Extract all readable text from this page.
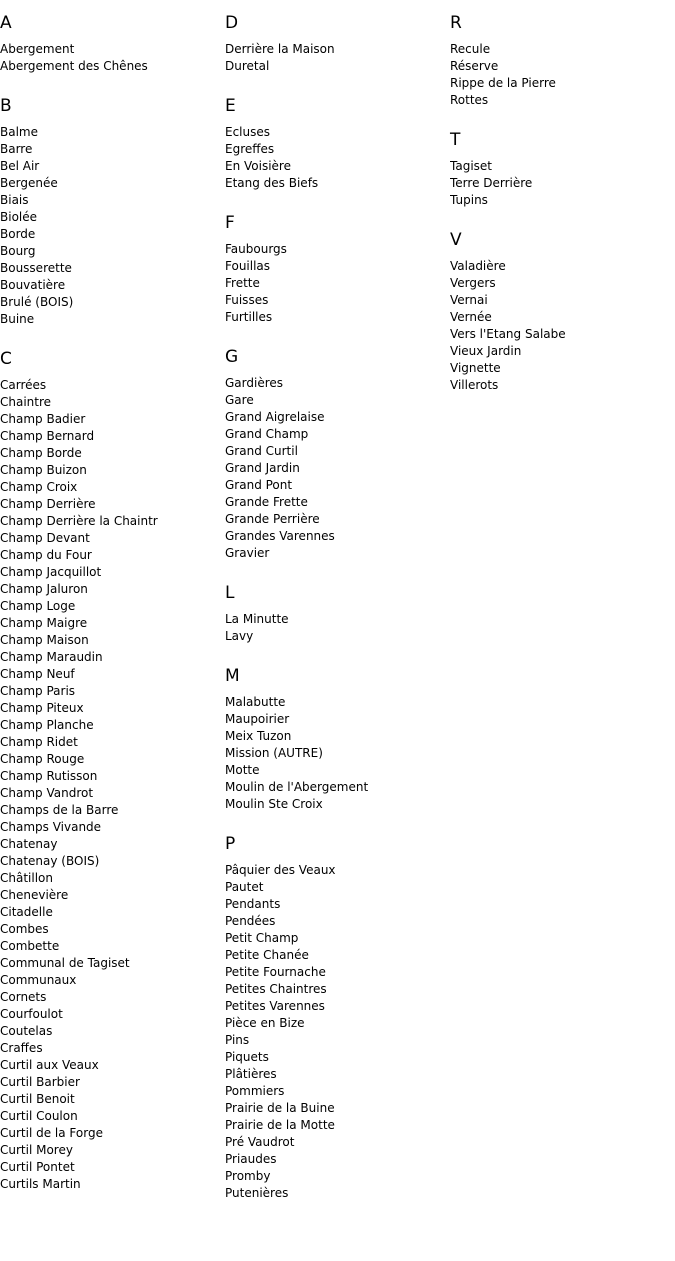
A
Abergement
Abergement des Chênes
B
Balme
Barre
Bel Air
Bergenée
Biais
Biolée
Borde
Bourg
Bousserette
Bouvatière
Brulé (BOIS)
Buine
C
Carrées
Chaintre
Champ Badier
Champ Bernard
Champ Borde
Champ Buizon
Champ Croix
Champ Derrière
Champ Derrière la Chaintr
Champ Devant
Champ du Four
Champ Jacquillot
Champ Jaluron
Champ Loge
Champ Maigre
Champ Maison
Champ Maraudin
Champ Neuf
Champ Paris
Champ Piteux
Champ Planche
Champ Ridet
Champ Rouge
Champ Rutisson
Champ Vandrot
Champs de la Barre
Champs Vivande
Chatenay
Chatenay (BOIS)
Châtillon
Chenevière
Citadelle
Combes
Combette
Communal de Tagiset
Communaux
Cornets
Courfoulot
Coutelas
Craffes
Curtil aux Veaux
Curtil Barbier
Curtil Benoit
Curtil Coulon
Curtil de la Forge
Curtil Morey
Curtil Pontet
Curtils Martin
D
Derrière la Maison
Duretal
E
Ecluses
Egreffes
En Voisière
Etang des Biefs
F
Faubourgs
Fouillas
Frette
Fuisses
Furtilles
G
Gardières
Gare
Grand Aigrelaise
Grand Champ
Grand Curtil
Grand Jardin
Grand Pont
Grande Frette
Grande Perrière
Grandes Varennes
Gravier
L
La Minutte
Lavy
M
Malabutte
Maupoirier
Meix Tuzon
Mission (AUTRE)
Motte
Moulin de l'Abergement
Moulin Ste Croix
P
Pâquier des Veaux
Pautet
Pendants
Pendées
Petit Champ
Petite Chanée
Petite Fournache
Petites Chaintres
Petites Varennes
Pièce en Bize
Pins
Piquets
Plâtières
Pommiers
Prairie de la Buine
Prairie de la Motte
Pré Vaudrot
Priaudes
Promby
Putenières
R
Recule
Réserve
Rippe de la Pierre
Rottes
T
Tagiset
Terre Derrière
Tupins
V
Valadière
Vergers
Vernai
Vernée
Vers l'Etang Salabe
Vieux Jardin
Vignette
Villerots
